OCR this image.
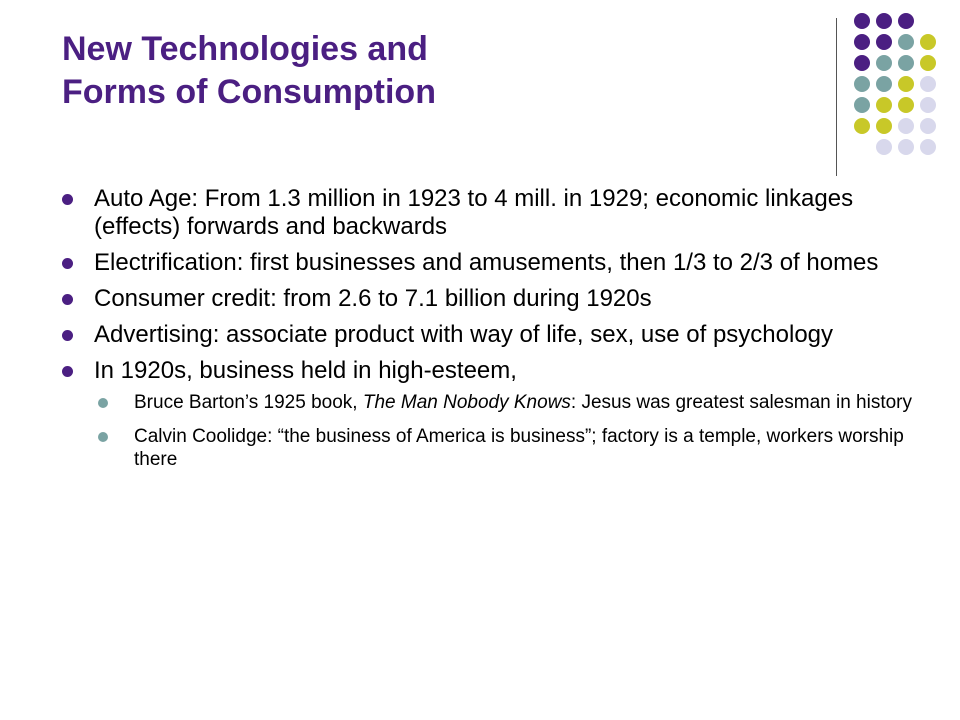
New Technologies and
Forms of Consumption
Auto Age: From 1.3 million in 1923 to 4 mill. in 1929; economic linkages (effects) forwards and backwards
Electrification: first businesses and amusements, then 1/3 to 2/3 of homes
Consumer credit: from 2.6 to 7.1 billion during 1920s
Advertising: associate product with way of life, sex, use of psychology
In 1920s, business held in high-esteem,
Bruce Barton’s 1925 book, The Man Nobody Knows: Jesus was greatest salesman in history
Calvin Coolidge: “the business of America is business”; factory is a temple, workers worship there
